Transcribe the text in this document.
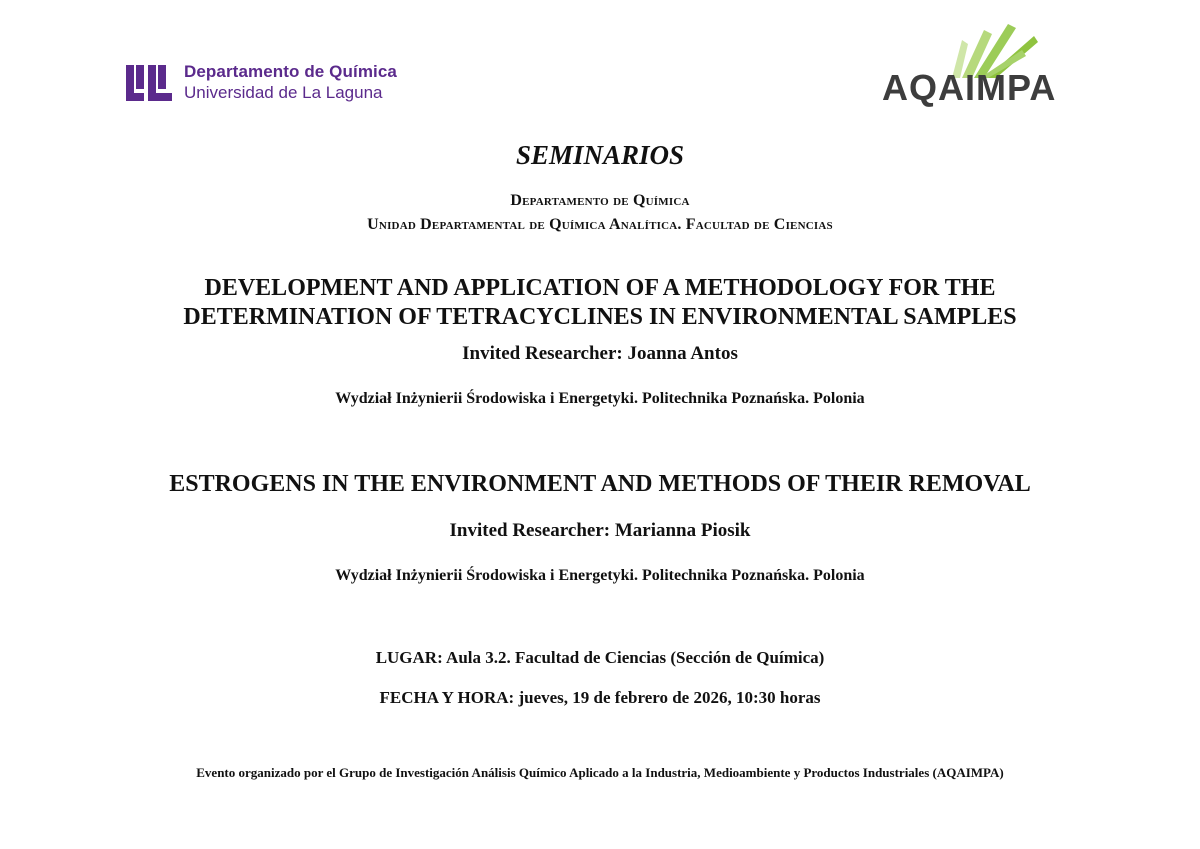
Departamento de Química
Universidad de La Laguna	AQAIMPA
SEMINARIOS
Departamento de Química
Unidad Departamental de Química Analítica. Facultad de Ciencias
DEVELOPMENT AND APPLICATION OF A METHODOLOGY FOR THE
DETERMINATION OF TETRACYCLINES IN ENVIRONMENTAL SAMPLES
Invited Researcher: Joanna Antos
Wydział Inżynierii Środowiska i Energetyki. Politechnika Poznańska. Polonia
ESTROGENS IN THE ENVIRONMENT AND METHODS OF THEIR REMOVAL
Invited Researcher: Marianna Piosik
Wydział Inżynierii Środowiska i Energetyki. Politechnika Poznańska. Polonia
LUGAR: Aula 3.2. Facultad de Ciencias (Sección de Química)
FECHA Y HORA: jueves, 19 de febrero de 2026, 10:30 horas
Evento organizado por el Grupo de Investigación Análisis Químico Aplicado a la Industria, Medioambiente y Productos Industriales (AQAIMPA)
